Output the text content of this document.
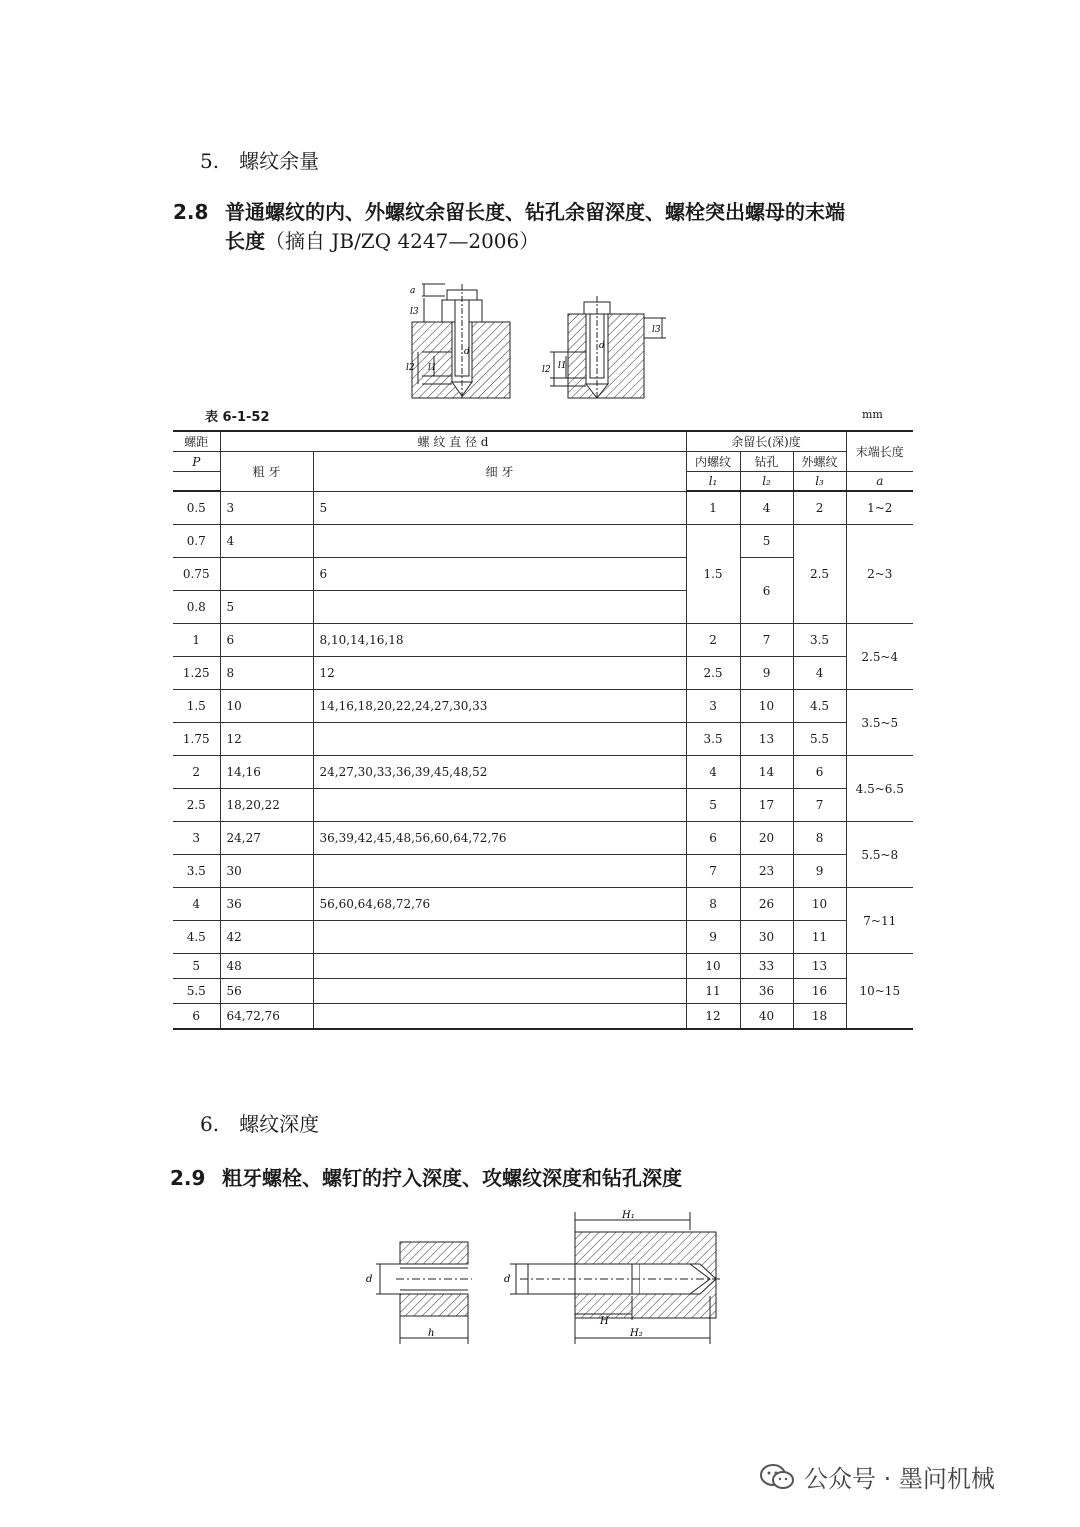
5.　螺纹余量
2.8 普通螺纹的内、外螺纹余留长度、钻孔余留深度、螺栓突出螺母的末端
长度（摘自 JB/ZQ 4247—2006）
a
l3
l2 l1
d
l3
l2 l1
d
表 6-1-52	mm
螺距	螺 纹 直 径 d		余留长(深)度			末端长度
P	粗 牙	细 牙	内螺纹	钻孔	外螺纹	
			l₁	l₂	l₃	a
0.5	3	5	1	4	2	1~2
0.7	4		1.5	5	2.5	2~3
0.75		6		6		
0.8	5					
1	6	8,10,14,16,18	2	7	3.5	2.5~4
1.25	8	12	2.5	9	4	
1.5	10	14,16,18,20,22,24,27,30,33	3	10	4.5	3.5~5
1.75	12		3.5	13	5.5	
2	14,16	24,27,30,33,36,39,45,48,52	4	14	6	4.5~6.5
2.5	18,20,22		5	17	7	
3	24,27	36,39,42,45,48,56,60,64,72,76	6	20	8	5.5~8
3.5	30		7	23	9	
4	36	56,60,64,68,72,76	8	26	10	7~11
4.5	42		9	30	11	
5	48		10	33	13	10~15
5.5	56		11	36	16	
6	64,72,76		12	40	18	
6.　螺纹深度
2.9 粗牙螺栓、螺钉的拧入深度、攻螺纹深度和钻孔深度
d
h
d
H₁
H
H₂
公众号 · 墨问机械
